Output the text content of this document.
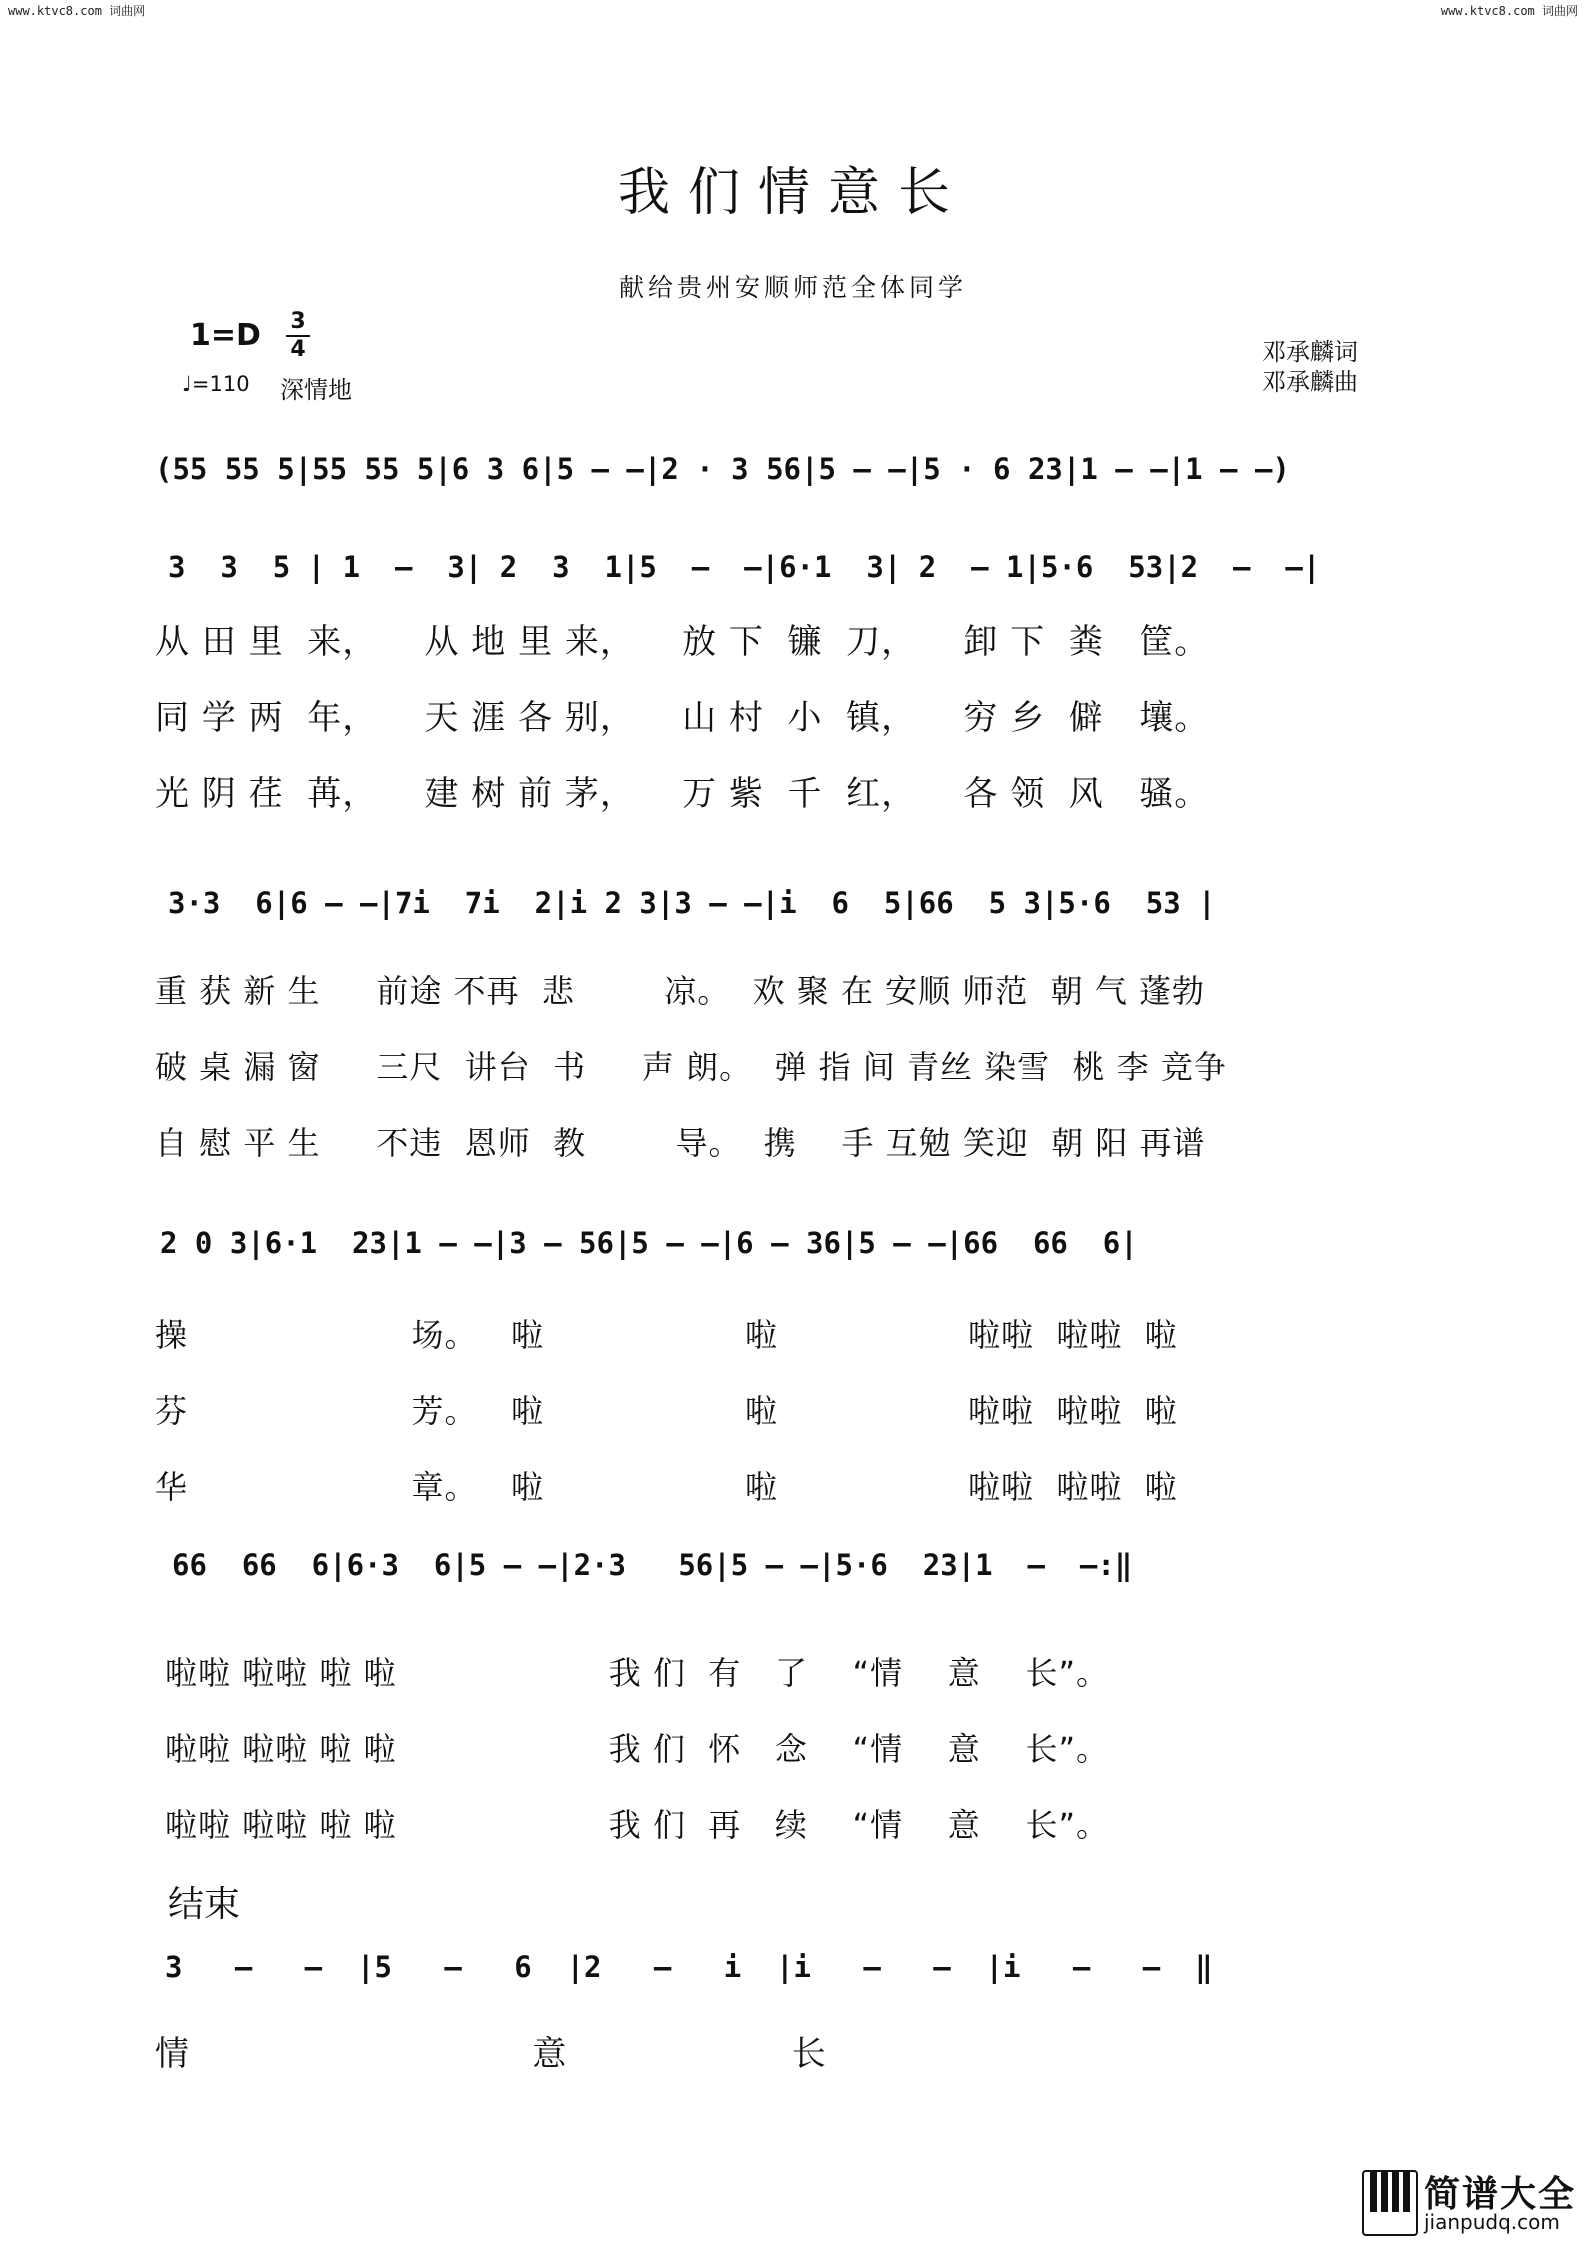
www.ktvc8.com 词曲网	www.ktvc8.com 词曲网
我们情意长
献给贵州安顺师范全体同学
1=D 3
4
♩=110 深情地
邓承麟词
邓承麟曲
(55 55 5|55 55 5|6 3 6|5 – –|2 · 3 56|5 – –|5 · 6 23|1 – –|1 – –)
3  3  5 | 1  –  3| 2  3  1|5  –  –|6·1  3| 2  – 1|5·6  53|2  –  –|
从 田 里  来，    从 地 里 来，    放 下  镰  刀，    卸 下  粪   筐。
同 学 两  年，    天 涯 各 别，    山 村  小  镇，    穷 乡  僻   壤。
光 阴 荏  苒，    建 树 前 茅，    万 紫  千  红，    各 领  风   骚。
3·3  6|6 – –|7i  7i  2|i 2 3|3 – –|i  6  5|66  5 3|5·6  53 |
重 获 新 生     前途 不再  悲        凉。  欢 聚 在 安顺 师范  朝 气 蓬勃
破 桌 漏 窗     三尺  讲台  书     声 朗。  弹 指 间 青丝 染雪  桃 李 竞争
自 慰 平 生     不违  恩师  教        导。  携    手 互勉 笑迎  朝 阳 再谱
2 0 3|6·1  23|1 – –|3 – 56|5 – –|6 – 36|5 – –|66  66  6|
操                    场。   啦                  啦                 啦啦  啦啦  啦
芬                    芳。   啦                  啦                 啦啦  啦啦  啦
华                    章。   啦                  啦                 啦啦  啦啦  啦
66  66  6|6·3  6|5 – –|2·3   56|5 – –|5·6  23|1  –  –:‖
啦啦 啦啦 啦 啦                   我 们  有   了    “情    意    长”。
啦啦 啦啦 啦 啦                   我 们  怀   念    “情    意    长”。
啦啦 啦啦 啦 啦                   我 们  再   续    “情    意    长”。
结束
3   –   –  |5   –   6  |2   –   i  |i   –   –  |i   –   –  ‖
情                             意                   长
简谱大全
jianpudq.com
